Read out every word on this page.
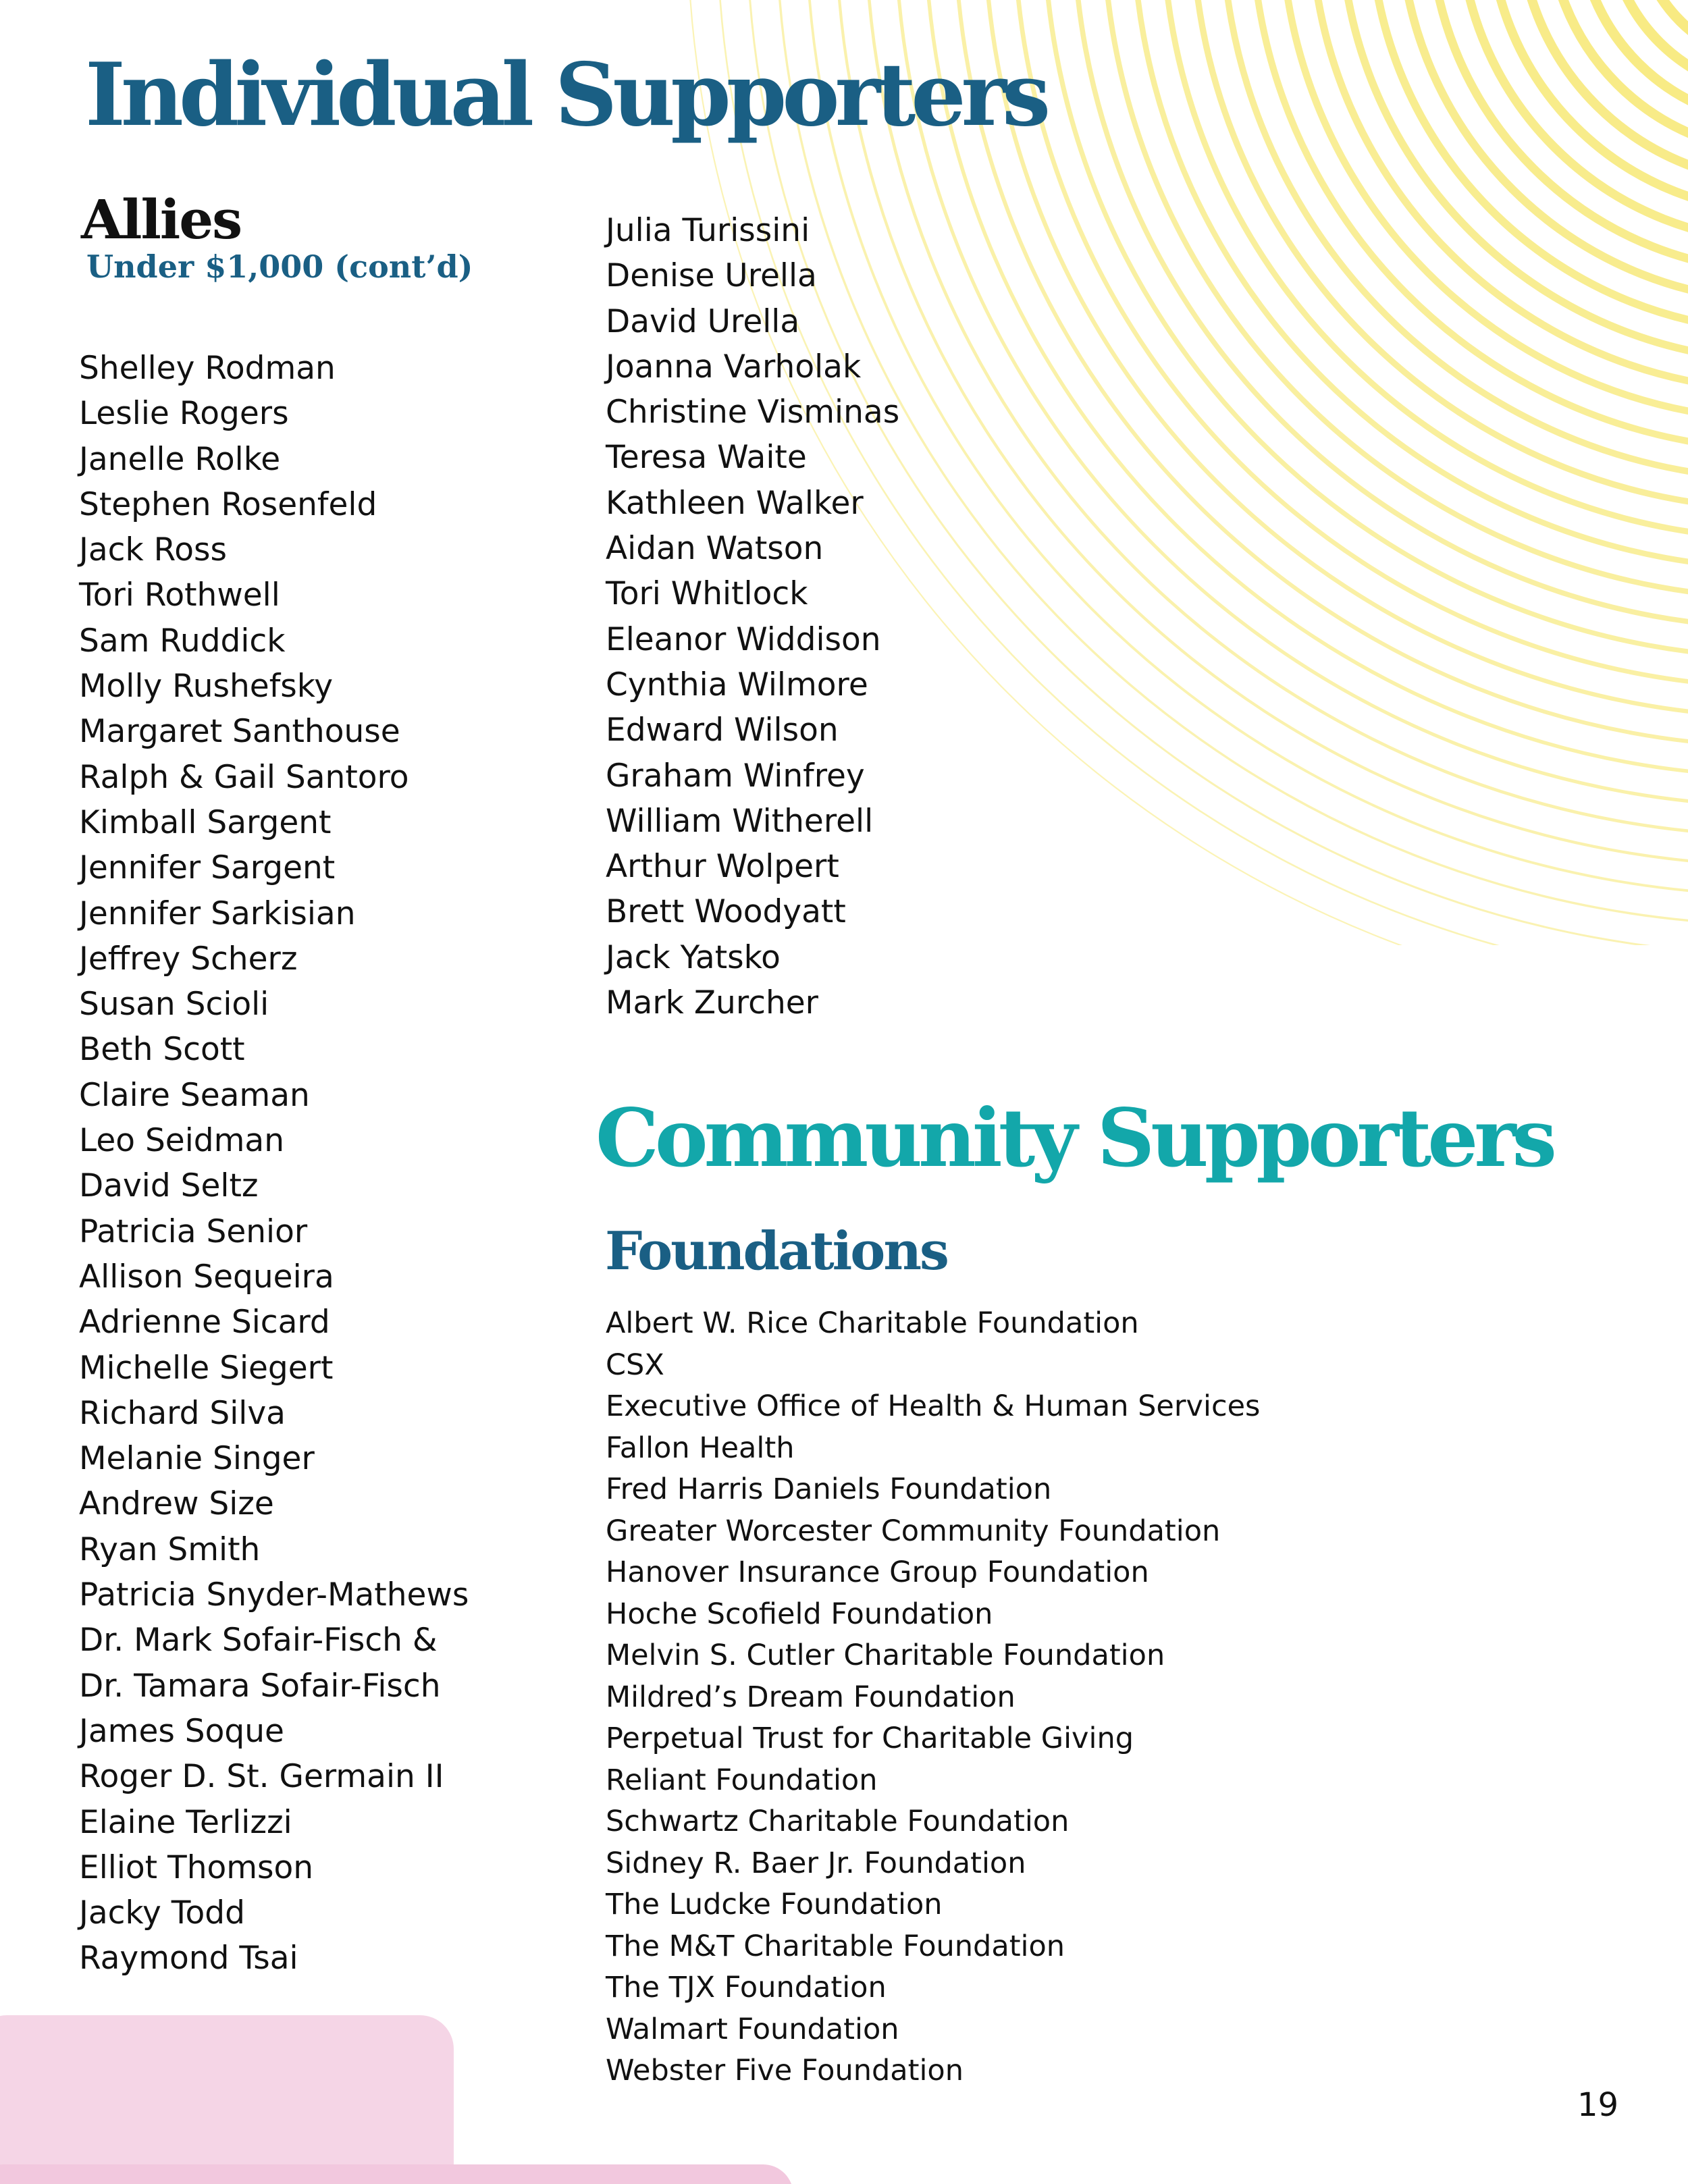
Individual Supporters
Allies
Under $1,000 (cont’d)
Shelley Rodman
Leslie Rogers
Janelle Rolke
Stephen Rosenfeld
Jack Ross
Tori Rothwell
Sam Ruddick
Molly Rushefsky
Margaret Santhouse
Ralph & Gail Santoro
Kimball Sargent
Jennifer Sargent
Jennifer Sarkisian
Jeffrey Scherz
Susan Scioli
Beth Scott
Claire Seaman
Leo Seidman
David Seltz
Patricia Senior
Allison Sequeira
Adrienne Sicard
Michelle Siegert
Richard Silva
Melanie Singer
Andrew Size
Ryan Smith
Patricia Snyder-Mathews
Dr. Mark Sofair-Fisch &
Dr. Tamara Sofair-Fisch
James Soque
Roger D. St. Germain II
Elaine Terlizzi
Elliot Thomson
Jacky Todd
Raymond Tsai
Julia Turissini
Denise Urella
David Urella
Joanna Varholak
Christine Visminas
Teresa Waite
Kathleen Walker
Aidan Watson
Tori Whitlock
Eleanor Widdison
Cynthia Wilmore
Edward Wilson
Graham Winfrey
William Witherell
Arthur Wolpert
Brett Woodyatt
Jack Yatsko
Mark Zurcher
Community Supporters
Foundations
Albert W. Rice Charitable Foundation
CSX
Executive Office of Health & Human Services
Fallon Health
Fred Harris Daniels Foundation
Greater Worcester Community Foundation
Hanover Insurance Group Foundation
Hoche Scofield Foundation
Melvin S. Cutler Charitable Foundation
Mildred’s Dream Foundation
Perpetual Trust for Charitable Giving
Reliant Foundation
Schwartz Charitable Foundation
Sidney R. Baer Jr. Foundation
The Ludcke Foundation
The M&T Charitable Foundation
The TJX Foundation
Walmart Foundation
Webster Five Foundation
19
